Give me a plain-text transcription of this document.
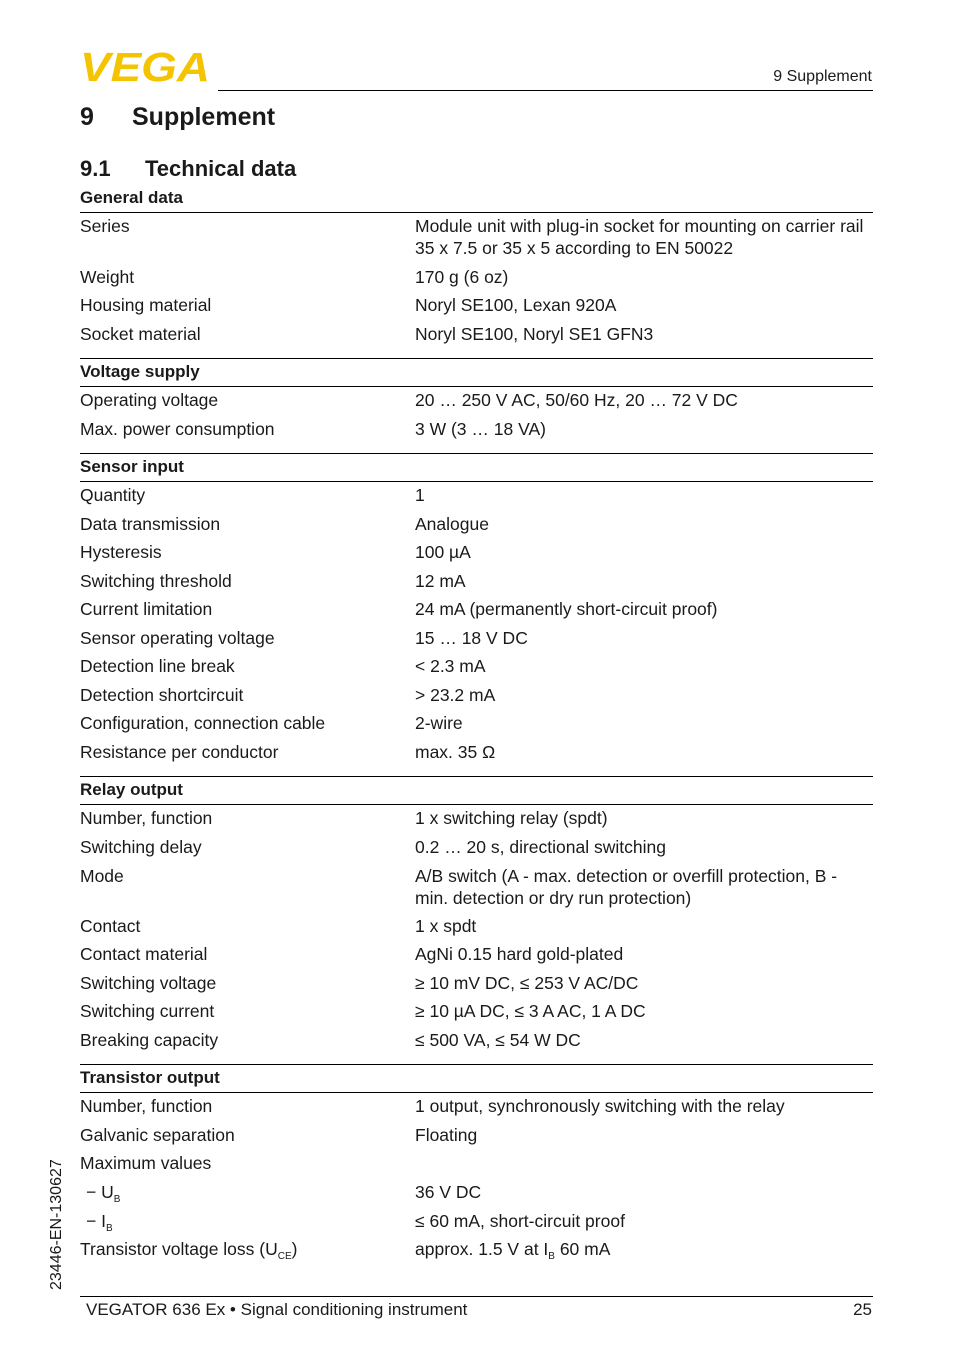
VEGA	9 Supplement
9 Supplement
9.1 Technical data
General data
Series	Module unit with plug-in socket for mounting on carrier rail 35 x 7.5 or 35 x 5 according to EN 50022
Weight	170 g (6 oz)
Housing material	Noryl SE100, Lexan 920A
Socket material	Noryl SE100, Noryl SE1 GFN3
Voltage supply
Operating voltage	20 … 250 V AC, 50/60 Hz, 20 … 72 V DC
Max. power consumption	3 W (3 … 18 VA)
Sensor input
Quantity	1
Data transmission	Analogue
Hysteresis	100 µA
Switching threshold	12 mA
Current limitation	24 mA (permanently short-circuit proof)
Sensor operating voltage	15 … 18 V DC
Detection line break	< 2.3 mA
Detection shortcircuit	> 23.2 mA
Configuration, connection cable	2-wire
Resistance per conductor	max. 35 Ω
Relay output
Number, function	1 x switching relay (spdt)
Switching delay	0.2 … 20 s, directional switching
Mode	A/B switch (A - max. detection or overfill protection, B - min. detection or dry run protection)
Contact	1 x spdt
Contact material	AgNi 0.15 hard gold-plated
Switching voltage	≥ 10 mV DC, ≤ 253 V AC/DC
Switching current	≥ 10 µA DC, ≤ 3 A AC, 1 A DC
Breaking capacity	≤ 500 VA, ≤ 54 W DC
Transistor output
Number, function	1 output, synchronously switching with the relay
Galvanic separation	Floating
Maximum values
− $U_B$	36 V DC
− $I_B$	≤ 60 mA, short-circuit proof
Transistor voltage loss $(U_{CE})$	approx. 1.5 V at $I_B$ 60 mA
23446-EN-130627
VEGATOR 636 Ex • Signal conditioning instrument	25
